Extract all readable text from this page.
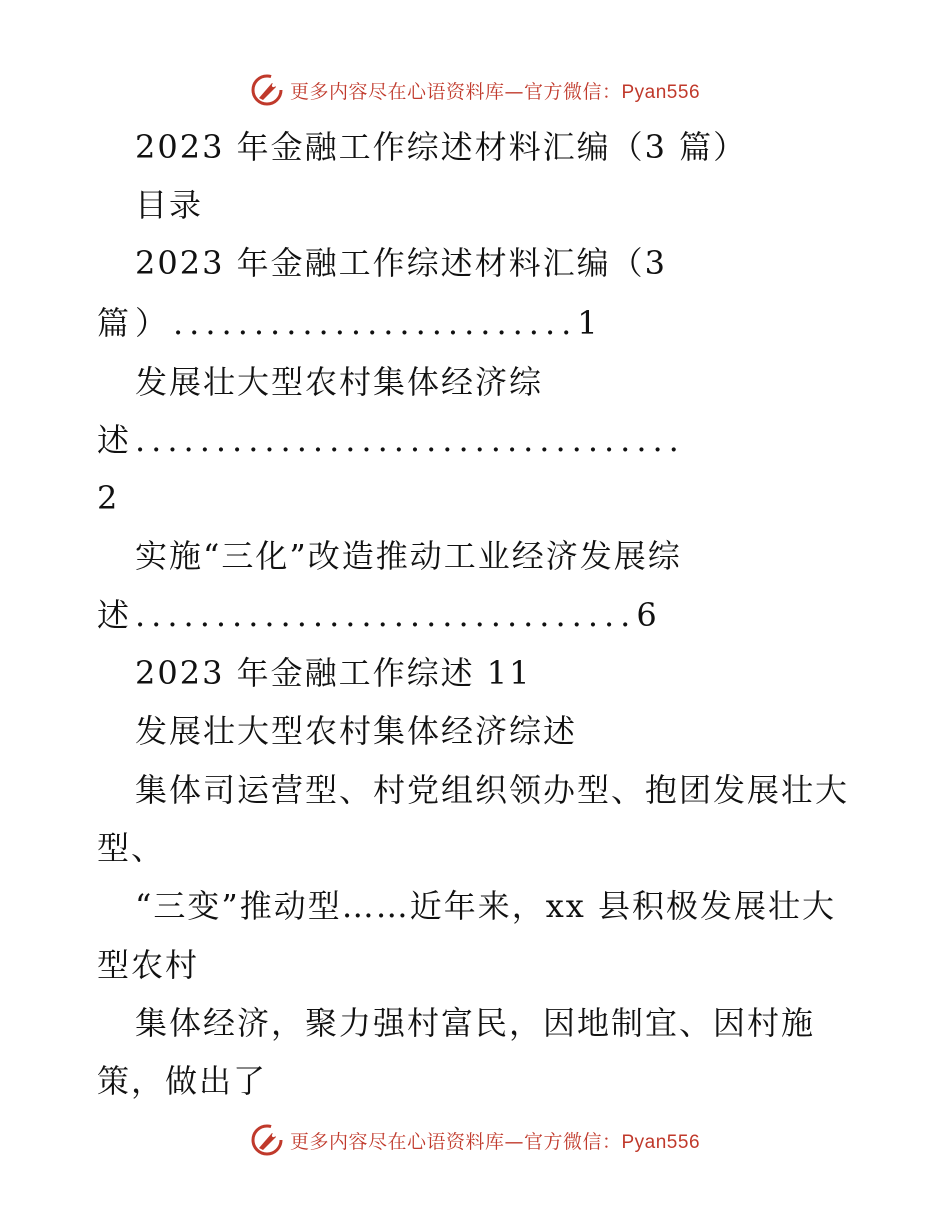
更多内容尽在心语资料库—官方微信：Pyan556
2023 年金融工作综述材料汇编（3 篇）
目录
2023 年金融工作综述材料汇编（3
篇）.........................1
发展壮大型农村集体经济综
述..................................
2
实施“三化”改造推动工业经济发展综
述...............................6
2023 年金融工作综述 11
发展壮大型农村集体经济综述
集体司运营型、村党组织领办型、抱团发展壮大
型、
“三变”推动型……近年来，xx 县积极发展壮大
型农村
集体经济，聚力强村富民，因地制宜、因村施
策，做出了
更多内容尽在心语资料库—官方微信：Pyan556
